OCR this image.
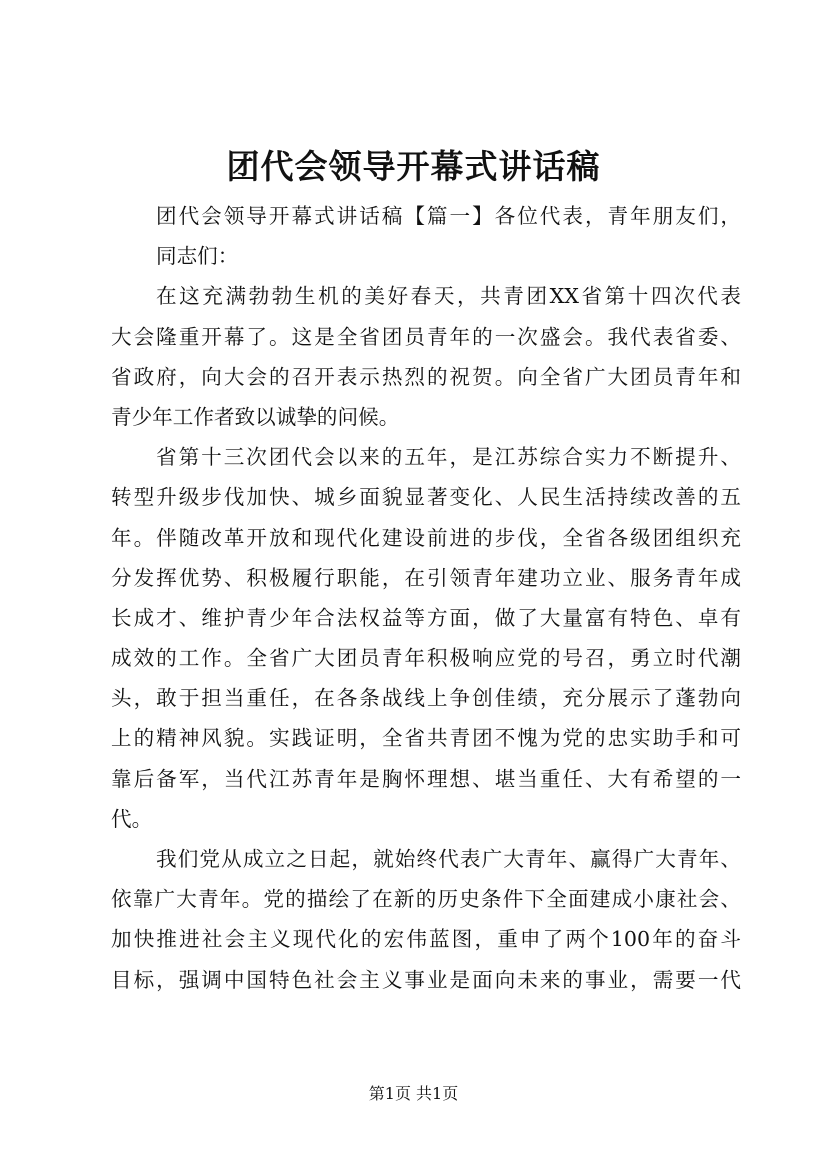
团代会领导开幕式讲话稿
团代会领导开幕式讲话稿【篇一】各位代表，青年朋友们，
同志们：
在这充满勃勃生机的美好春天，共青团XX省第十四次代表
大会隆重开幕了。这是全省团员青年的一次盛会。我代表省委、
省政府，向大会的召开表示热烈的祝贺。向全省广大团员青年和
青少年工作者致以诚挚的问候。
省第十三次团代会以来的五年，是江苏综合实力不断提升、
转型升级步伐加快、城乡面貌显著变化、人民生活持续改善的五
年。伴随改革开放和现代化建设前进的步伐，全省各级团组织充
分发挥优势、积极履行职能，在引领青年建功立业、服务青年成
长成才、维护青少年合法权益等方面，做了大量富有特色、卓有
成效的工作。全省广大团员青年积极响应党的号召，勇立时代潮
头，敢于担当重任，在各条战线上争创佳绩，充分展示了蓬勃向
上的精神风貌。实践证明，全省共青团不愧为党的忠实助手和可
靠后备军，当代江苏青年是胸怀理想、堪当重任、大有希望的一
代。
我们党从成立之日起，就始终代表广大青年、赢得广大青年、
依靠广大青年。党的描绘了在新的历史条件下全面建成小康社会、
加快推进社会主义现代化的宏伟蓝图，重申了两个100年的奋斗
目标，强调中国特色社会主义事业是面向未来的事业，需要一代
第1页 共1页
